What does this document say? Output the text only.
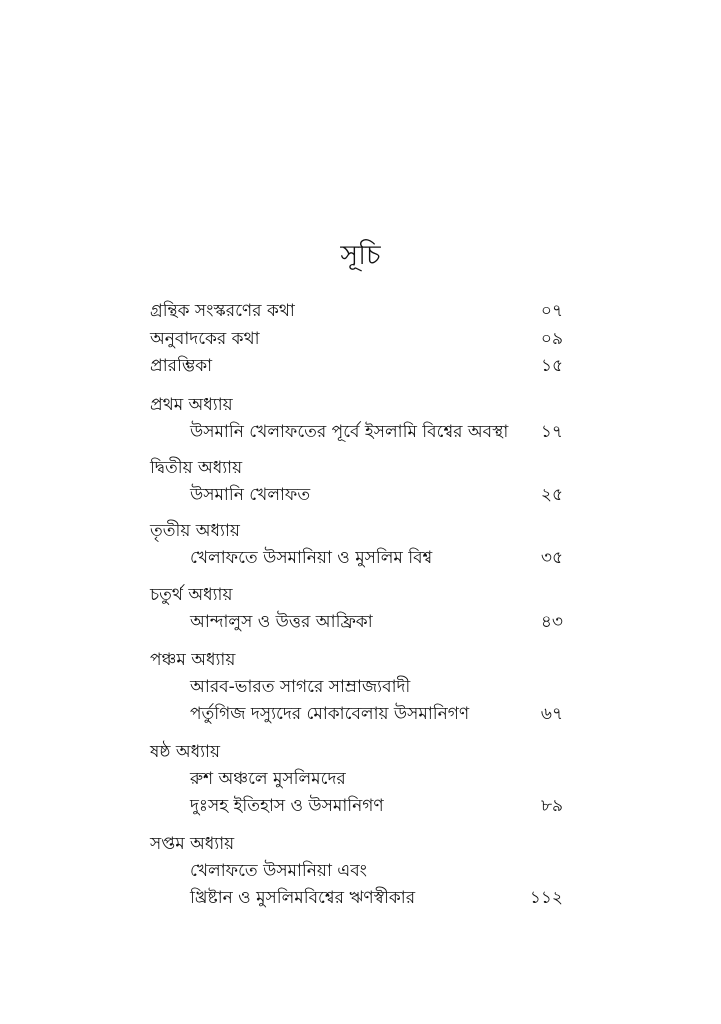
সূচি
গ্রন্থিক সংস্করণের কথা	০৭
অনুবাদকের কথা	০৯
প্রারম্ভিকা	১৫
প্রথম অধ্যায়
উসমানি খেলাফতের পূর্বে ইসলামি বিশ্বের অবস্থা ১৭
দ্বিতীয় অধ্যায়
উসমানি খেলাফত	২৫
তৃতীয় অধ্যায়
খেলাফতে উসমানিয়া ও মুসলিম বিশ্ব	৩৫
চতুর্থ অধ্যায়
আন্দালুস ও উত্তর আফ্রিকা	৪৩
পঞ্চম অধ্যায়
আরব-ভারত সাগরে সাম্রাজ্যবাদী
পর্তুগিজ দস্যুদের মোকাবেলায় উসমানিগণ	৬৭
ষষ্ঠ অধ্যায়
রুশ অঞ্চলে মুসলিমদের
দুঃসহ ইতিহাস ও উসমানিগণ	৮৯
সপ্তম অধ্যায়
খেলাফতে উসমানিয়া এবং
খ্রিষ্টান ও মুসলিমবিশ্বের ঋণস্বীকার	১১২
